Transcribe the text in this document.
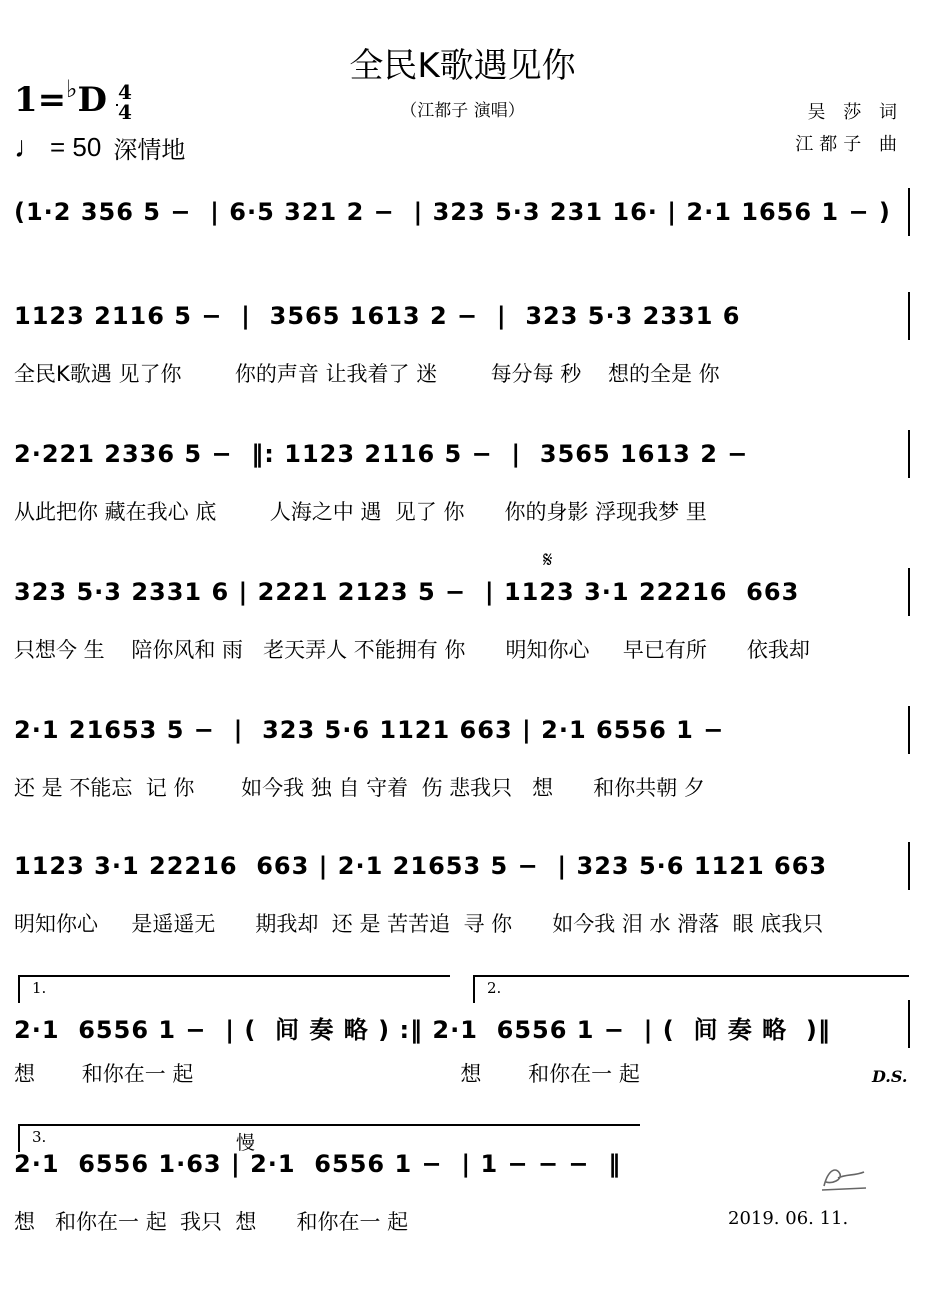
全民K歌遇见你
（江都子 演唱）
1=♭D 4
4
♩ = 50 深情地
吴 莎 词
江都子 曲
(1·2 356 5 −  | 6·5 321 2 −  | 323 5·3 231 16· | 2·1 1656 1 − )
1123 2116 5 −  |  3565 1613 2 −  |  323 5·3 2331 6
全民K歌遇 见了你        你的声音 让我着了 迷        每分每 秒    想的全是 你
2·221 2336 5 −  ‖: 1123 2116 5 −  |  3565 1613 2 −
从此把你 藏在我心 底        人海之中 遇  见了 你      你的身影 浮现我梦 里
323 5·3 2331 6 | 2221 2123 5 −  | 1123 3·1 22216  663
只想今 生    陪你风和 雨   老天弄人 不能拥有 你      明知你心     早已有所      依我却
2·1 21653 5 −  |  323 5·6 1121 663 | 2·1 6556 1 −
还 是 不能忘  记 你       如今我 独 自 守着  伤 悲我只   想      和你共朝 夕
1123 3·1 22216  663 | 2·1 21653 5 −  | 323 5·6 1121 663
明知你心     是遥遥无      期我却  还 是 苦苦追  寻 你      如今我 泪 水 滑落  眼 底我只
2·1  6556 1 −  | (  间 奏 略 ) :‖ 2·1  6556 1 −  | (  间 奏 略  )‖
想       和你在一 起                                        想       和你在一 起
2·1  6556 1·63 | 2·1  6556 1 −  | 1 − − −  ‖
想   和你在一 起  我只  想      和你在一 起
1.	2.
3.
𝄋
D.S.
慢
2019. 06. 11.
